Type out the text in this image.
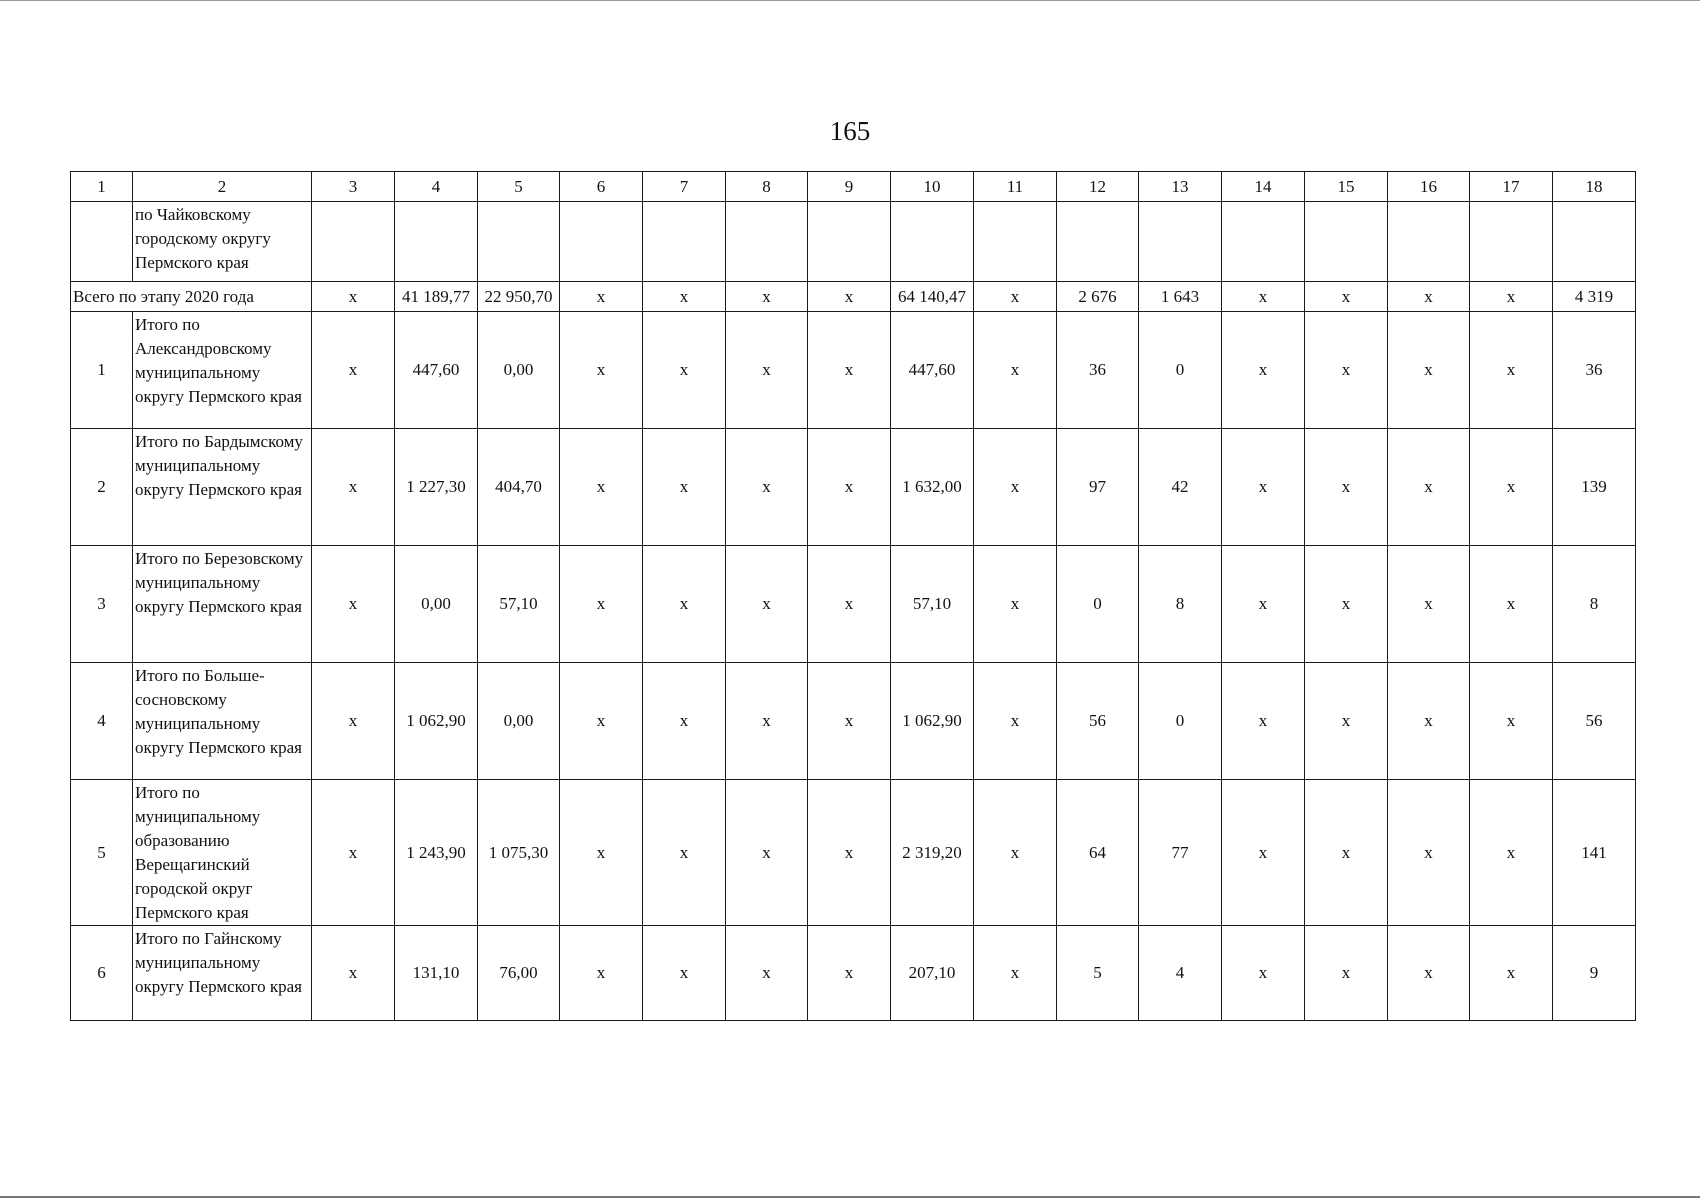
165
1	2	3	4	5	6	7	8	9	10	11	12	13	14	15	16	17	18
	по Чайковскому городскому округу Пермского края																
Всего по этапу 2020 года		x	41 189,77	22 950,70	x	x	x	x	64 140,47	x	2 676	1 643	x	x	x	x	4 319
1	Итого по Александровскому муниципальному округу Пермского края	x	447,60	0,00	x	x	x	x	447,60	x	36	0	x	x	x	x	36
2	Итого по Бардымскому муниципальному округу Пермского края	x	1 227,30	404,70	x	x	x	x	1 632,00	x	97	42	x	x	x	x	139
3	Итого по Березовскому муниципальному округу Пермского края	x	0,00	57,10	x	x	x	x	57,10	x	0	8	x	x	x	x	8
4	Итого по Больше-сосновскому муниципальному округу Пермского края	x	1 062,90	0,00	x	x	x	x	1 062,90	x	56	0	x	x	x	x	56
5	Итого по муниципальному образованию Верещагинский городской округ Пермского края	x	1 243,90	1 075,30	x	x	x	x	2 319,20	x	64	77	x	x	x	x	141
6	Итого по Гайнскому муниципальному округу Пермского края	x	131,10	76,00	x	x	x	x	207,10	x	5	4	x	x	x	x	9
